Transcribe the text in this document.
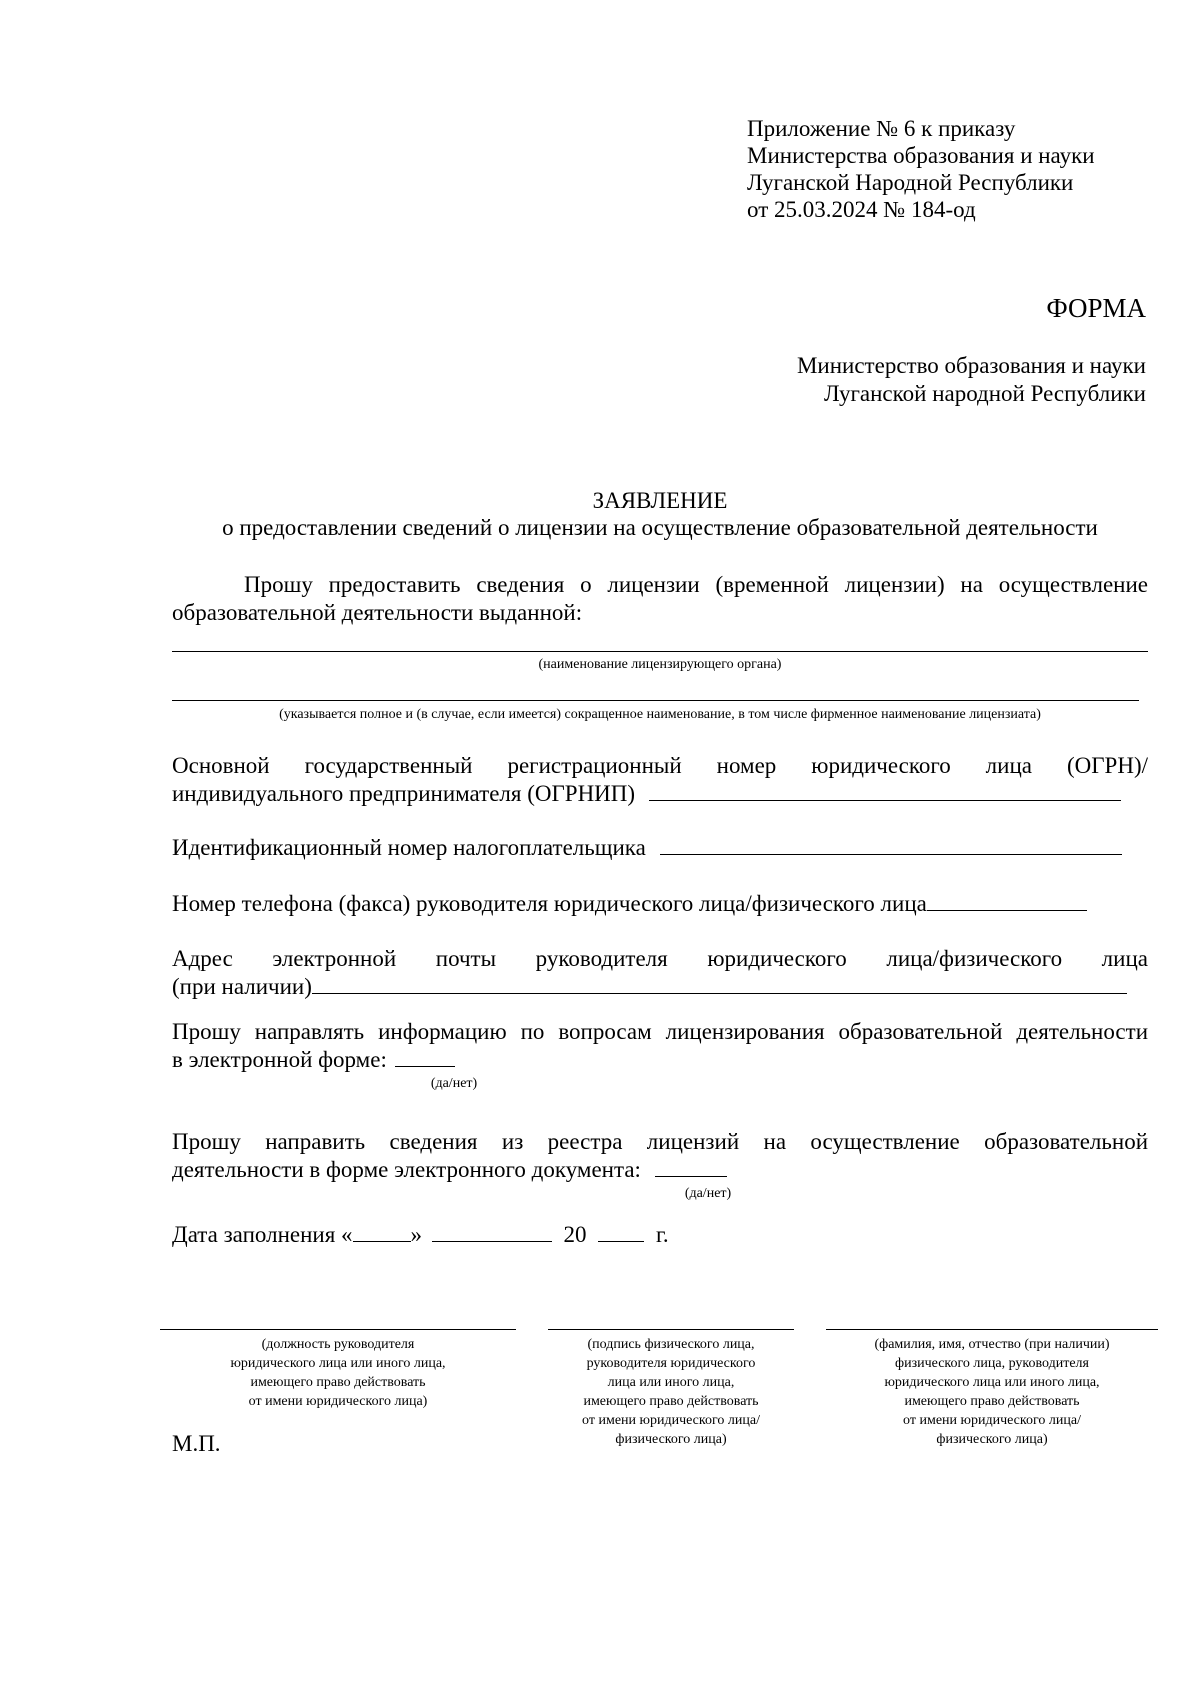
Приложение № 6 к приказу
Министерства образования и науки
Луганской Народной Республики
от 25.03.2024 № 184-од
ФОРМА
Министерство образования и науки
Луганской народной Республики
ЗАЯВЛЕНИЕ
о предоставлении сведений о лицензии на осуществление образовательной деятельности
Прошу предоставить сведения о лицензии (временной лицензии) на осуществление
образовательной деятельности выданной:
(наименование лицензирующего органа)
(указывается полное и (в случае, если имеется) сокращенное наименование, в том числе фирменное наименование лицензиата)
Основной государственный регистрационный номер юридического лица (ОГРН)/
индивидуального предпринимателя (ОГРНИП)
Идентификационный номер налогоплательщика
Номер телефона (факса) руководителя юридического лица/физического лица
Адрес электронной почты руководителя юридического лица/физического лица
(при наличии)
Прошу направлять информацию по вопросам лицензирования образовательной деятельности
в электронной форме:
(да/нет)
Прошу направить сведения из реестра лицензий на осуществление образовательной
деятельности в форме электронного документа:
(да/нет)
Дата заполнения «	»	20	г.
(должность руководителя
юридического лица или иного лица,
имеющего право действовать
от имени юридического лица)
(подпись физического лица,
руководителя юридического
лица или иного лица,
имеющего право действовать
от имени юридического лица/
физического лица)
(фамилия, имя, отчество (при наличии)
физического лица, руководителя
юридического лица или иного лица,
имеющего право действовать
от имени юридического лица/
физического лица)
М.П.
